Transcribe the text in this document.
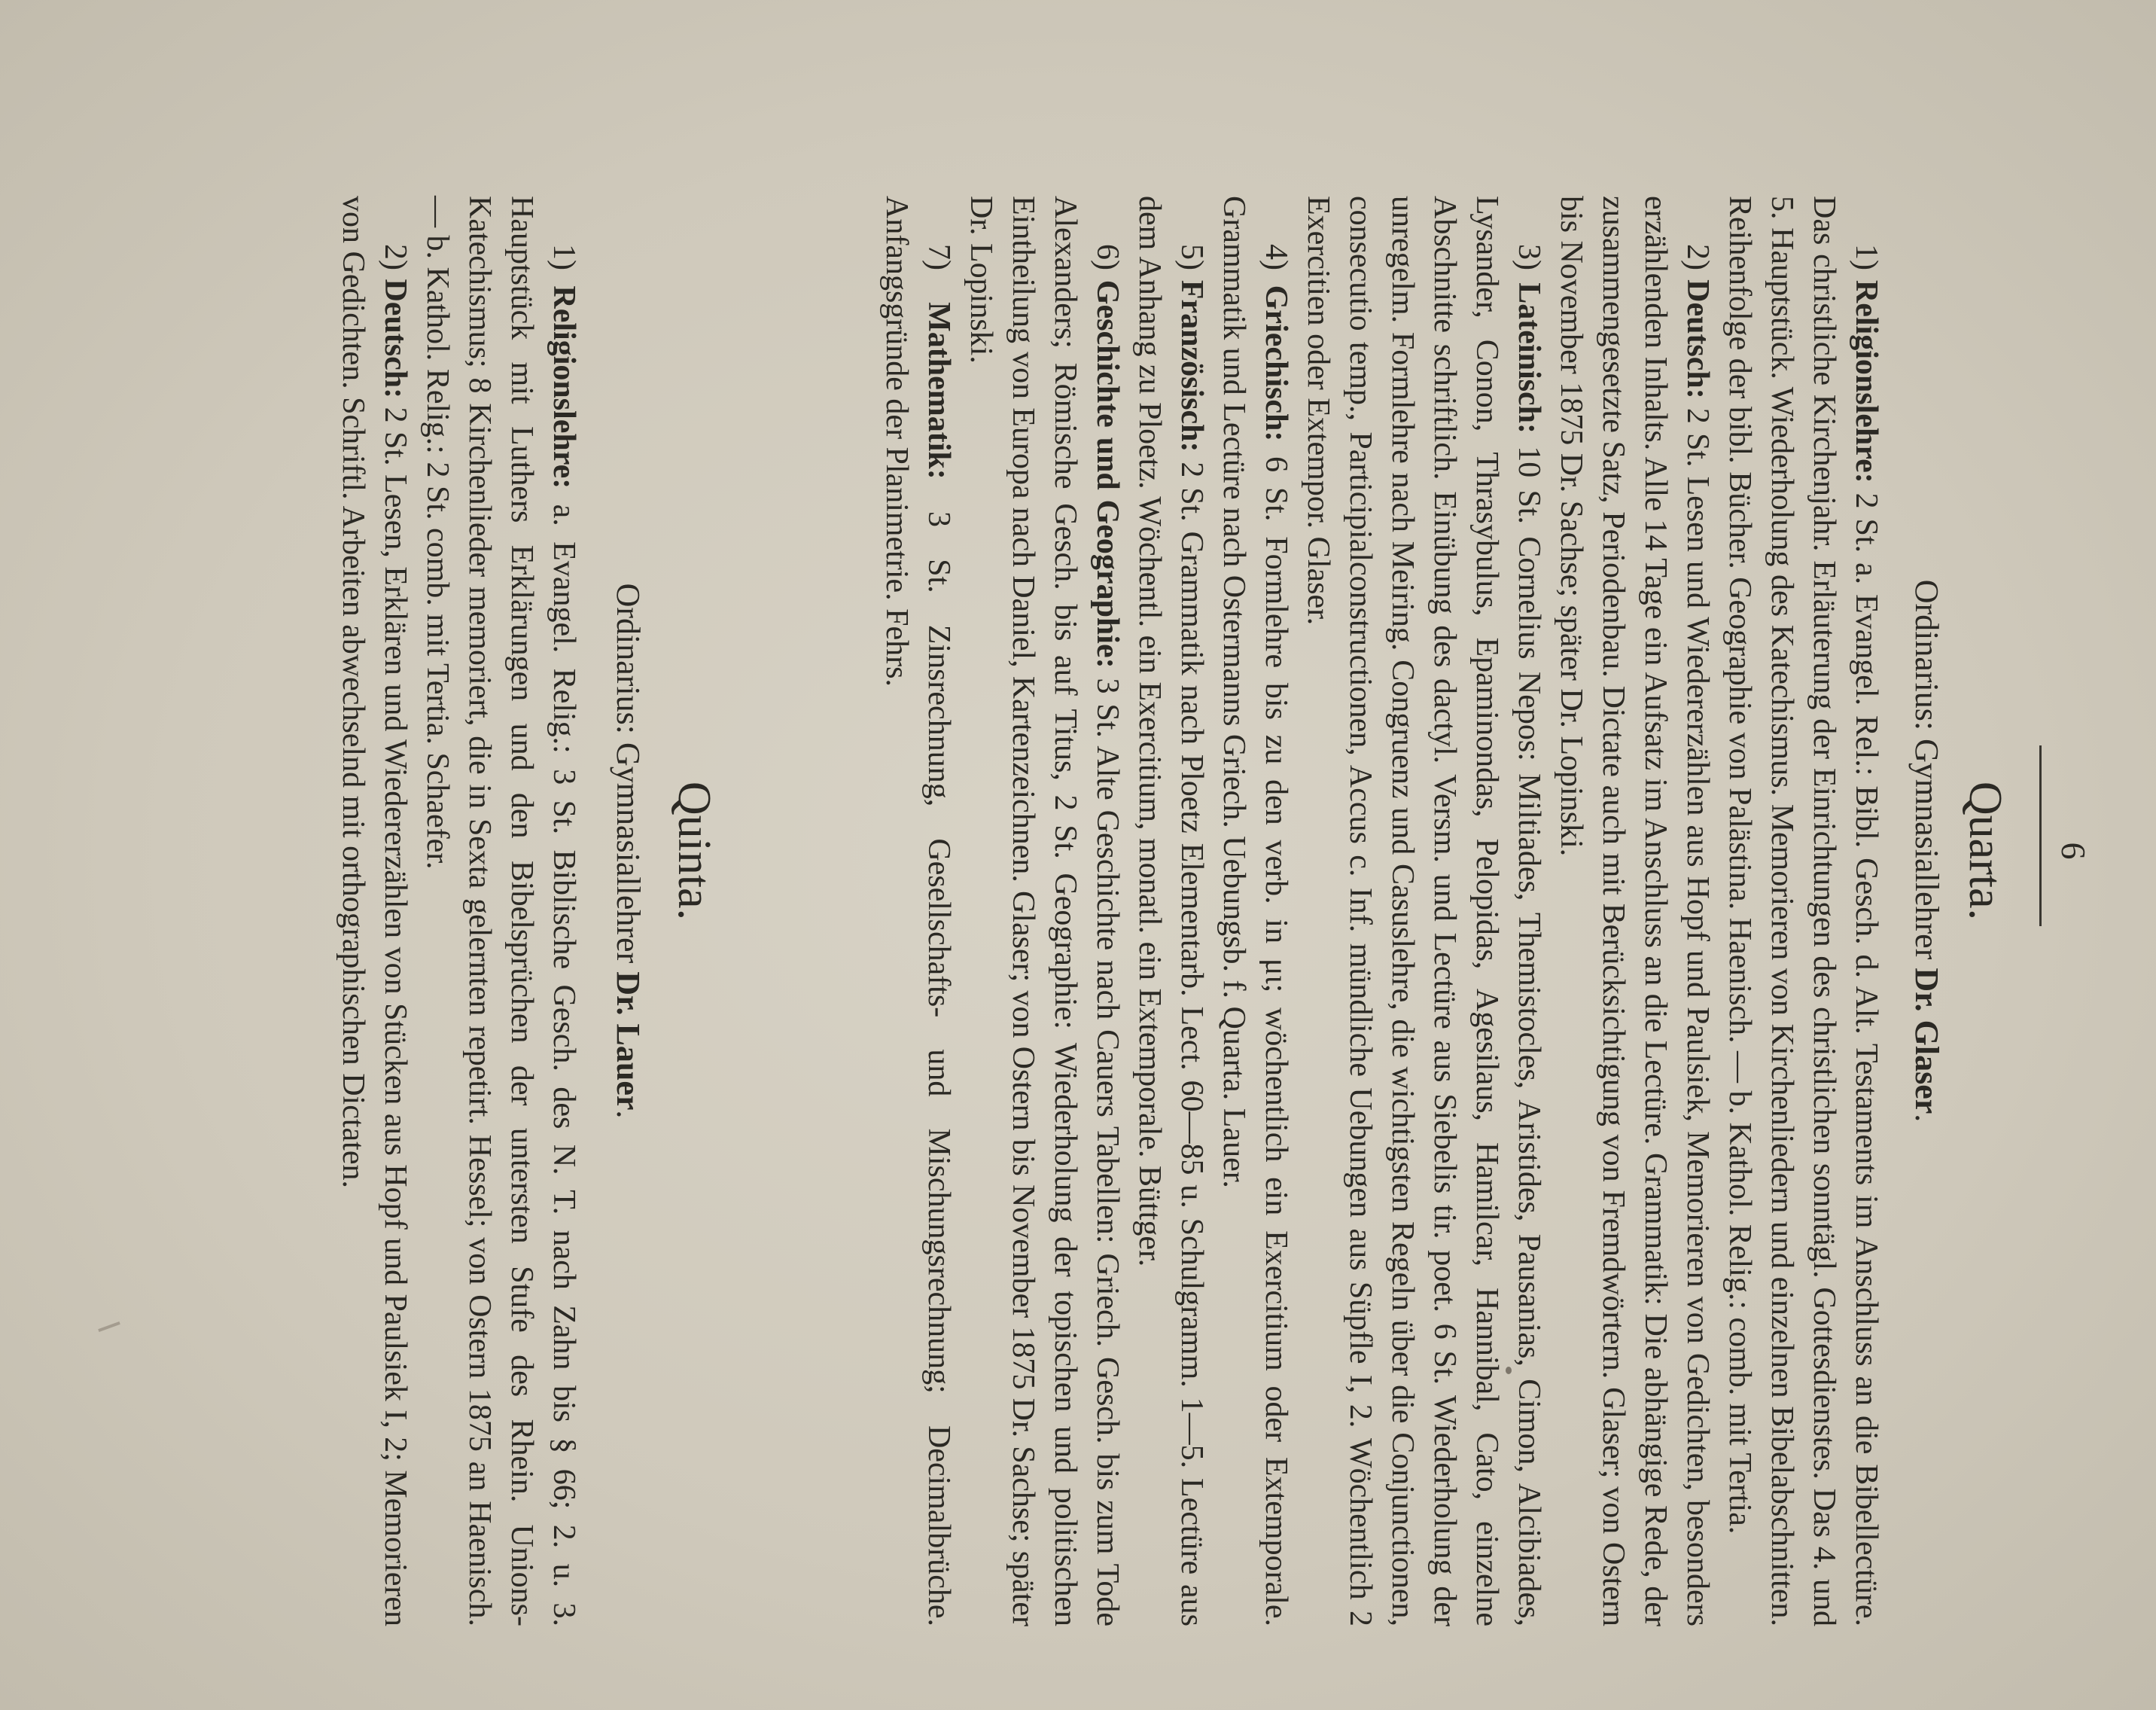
6
Quarta.
Ordinarius: Gymnasiallehrer Dr. Glaser.

1) Religionslehre: 2 St. a. Evangel. Rel.: Bibl. Gesch. d. Alt. Testaments im Anschluss an die Bibellectüre. Das christliche Kirchenjahr. Erläuterung der Einrichtungen des christlichen sonntägl. Gottesdienstes. Das 4. und 5. Hauptstück. Wiederholung des Katechismus. Memorieren von Kirchenliedern und einzelnen Bibelabschnitten. Reihenfolge der bibl. Bücher. Geographie von Palästina. Haenisch. — b. Kathol. Relig.: comb. mit Tertia.

2) Deutsch: 2 St. Lesen und Wiedererzählen aus Hopf und Paulsiek, Memorieren von Gedichten, besonders erzählenden Inhalts. Alle 14 Tage ein Aufsatz im Anschluss an die Lectüre. Grammatik: Die abhängige Rede, der zusammengesetzte Satz, Periodenbau. Dictate auch mit Berücksichtigung von Fremdwörtern. Glaser; von Ostern bis November 1875 Dr. Sachse; später Dr. Lopinski.

3) Lateinisch: 10 St. Cornelius Nepos: Miltiades, Themistocles, Aristides, Pausanias, Cimon, Alcibiades, Lysander, Conon, Thrasybulus, Epaminondas, Pelopidas, Agesilaus, Hamilcar, Hannibal, Cato, einzelne Abschnitte schriftlich. Einübung des dactyl. Versm. und Lectüre aus Siebelis tir. poet. 6 St. Wiederholung der unregelm. Formlehre nach Meiring. Congruenz und Casuslehre, die wichtigsten Regeln über die Conjunctionen, consecutio temp., Participialconstructionen, Accus c. Inf. mündliche Uebungen aus Süpfle I, 2. Wöchentlich 2 Exercitien oder Extempor. Glaser.

4) Griechisch: 6 St. Formlehre bis zu den verb. in μι; wöchentlich ein Exercitium oder Extemporale. Grammatik und Lectüre nach Ostermanns Griech. Uebungsb. f. Quarta. Lauer.

5) Französisch: 2 St. Grammatik nach Ploetz Elementarb. Lect. 60—85 u. Schulgramm. 1—5. Lectüre aus dem Anhang zu Ploetz. Wöchentl. ein Exercitium, monatl. ein Extemporale. Büttger.

6) Geschichte und Geographie: 3 St. Alte Geschichte nach Cauers Tabellen: Griech. Gesch. bis zum Tode Alexanders; Römische Gesch. bis auf Titus, 2 St. Geographie: Wiederholung der topischen und politischen Eintheilung von Europa nach Daniel, Kartenzeichnen. Glaser; von Ostern bis November 1875 Dr. Sachse; später Dr. Lopinski.

7) Mathematik: 3 St. Zinsrechnung, Gesellschafts- und Mischungsrechnung; Decimalbrüche. Anfangsgründe der Planimetrie. Fehrs.

Quinta.
Ordinarius: Gymnasiallehrer Dr. Lauer.

1) Religionslehre: a. Evangel. Relig.: 3 St. Biblische Gesch. des N. T. nach Zahn bis § 66; 2. u. 3. Hauptstück mit Luthers Erklärungen und den Bibelsprüchen der untersten Stufe des Rhein. Unions-Katechismus; 8 Kirchenlieder memoriert, die in Sexta gelernten repetirt. Hessel; von Ostern 1875 an Haenisch. — b. Kathol. Relig.: 2 St. comb. mit Tertia. Schaefer.

2) Deutsch: 2 St. Lesen, Erklären und Wiedererzählen von Stücken aus Hopf und Paulsiek I, 2; Memorieren von Gedichten. Schriftl. Arbeiten abwechselnd mit orthographischen Dictaten.
